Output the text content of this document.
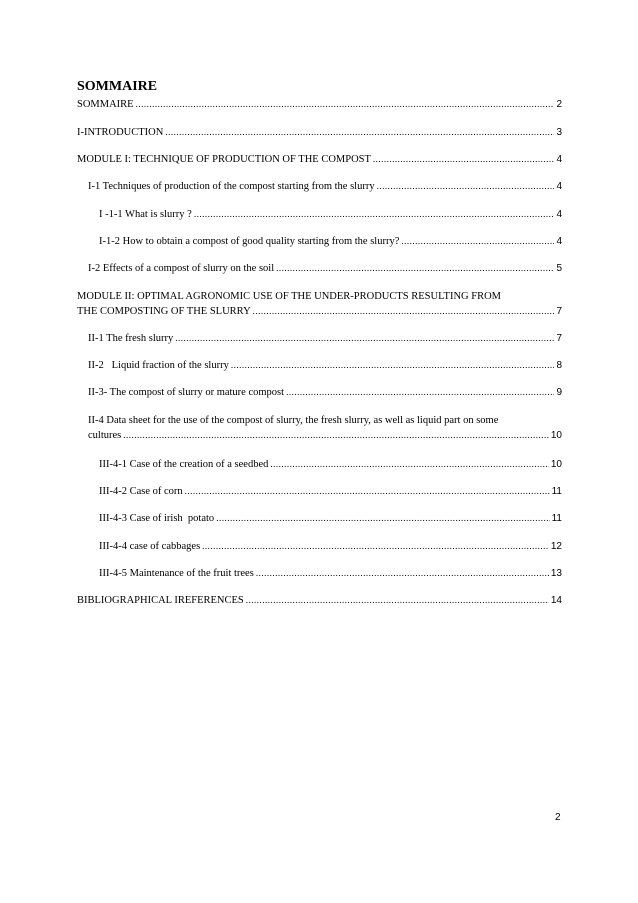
SOMMAIRE
SOMMAIRE .....	2
I-INTRODUCTION .....	3
MODULE I: TECHNIQUE OF PRODUCTION OF THE COMPOST .....	4
I-1 Techniques of production of the compost starting from the slurry .....	4
I -1-1 What is slurry ? .....	4
I-1-2 How to obtain a compost of good quality starting from the slurry? .....	4
I-2 Effects of a compost of slurry on the soil .....	5
MODULE II: OPTIMAL AGRONOMIC USE OF THE UNDER-PRODUCTS RESULTING FROM
THE COMPOSTING OF THE SLURRY .....	7
II-1 The fresh slurry .....	7
II-2   Liquid fraction of the slurry .....	8
II-3- The compost of slurry or mature compost .....	9
II-4 Data sheet for the use of the compost of slurry, the fresh slurry, as well as liquid part on some
cultures .....	10
III-4-1 Case of the creation of a seedbed .....	10
III-4-2 Case of corn .....	11
III-4-3 Case of irish  potato .....	11
III-4-4 case of cabbages .....	12
III-4-5 Maintenance of the fruit trees .....	13
BIBLIOGRAPHICAL IREFERENCES .....	14
2
